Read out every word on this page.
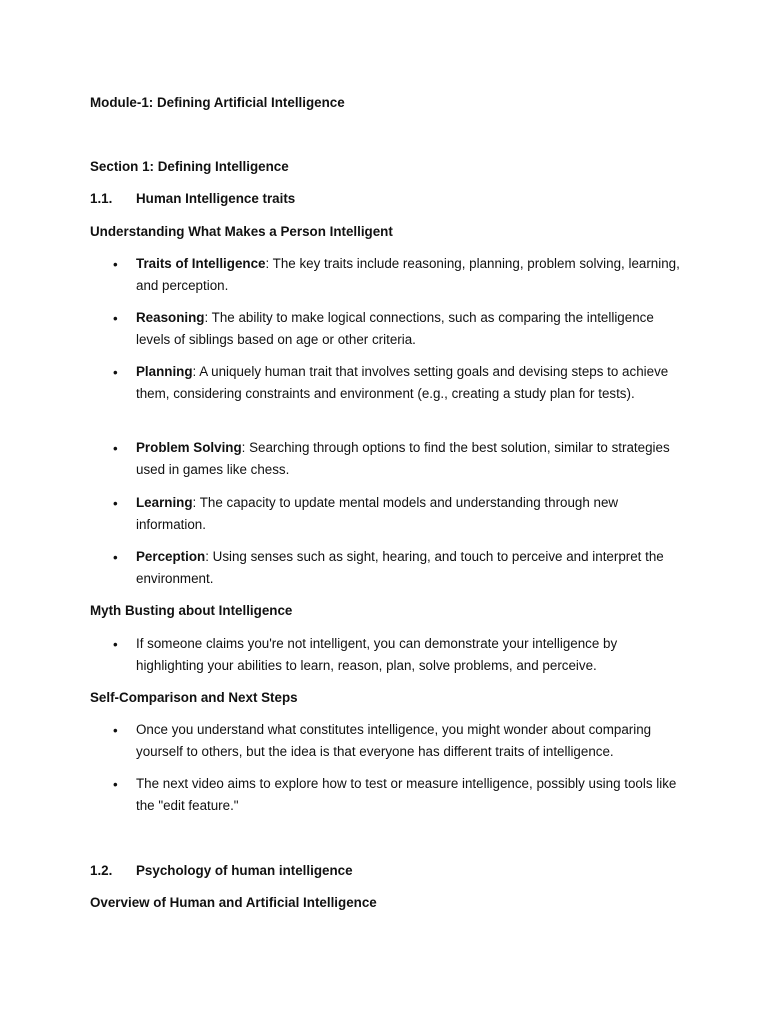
Module-1: Defining Artificial Intelligence
Section 1: Defining Intelligence
1.1. Human Intelligence traits
Understanding What Makes a Person Intelligent
• Traits of Intelligence: The key traits include reasoning, planning, problem solving, learning, and perception.
• Reasoning: The ability to make logical connections, such as comparing the intelligence levels of siblings based on age or other criteria.
• Planning: A uniquely human trait that involves setting goals and devising steps to achieve them, considering constraints and environment (e.g., creating a study plan for tests).
• Problem Solving: Searching through options to find the best solution, similar to strategies used in games like chess.
• Learning: The capacity to update mental models and understanding through new information.
• Perception: Using senses such as sight, hearing, and touch to perceive and interpret the environment.
Myth Busting about Intelligence
• If someone claims you're not intelligent, you can demonstrate your intelligence by highlighting your abilities to learn, reason, plan, solve problems, and perceive.
Self-Comparison and Next Steps
• Once you understand what constitutes intelligence, you might wonder about comparing yourself to others, but the idea is that everyone has different traits of intelligence.
• The next video aims to explore how to test or measure intelligence, possibly using tools like the "edit feature."
1.2. Psychology of human intelligence
Overview of Human and Artificial Intelligence
